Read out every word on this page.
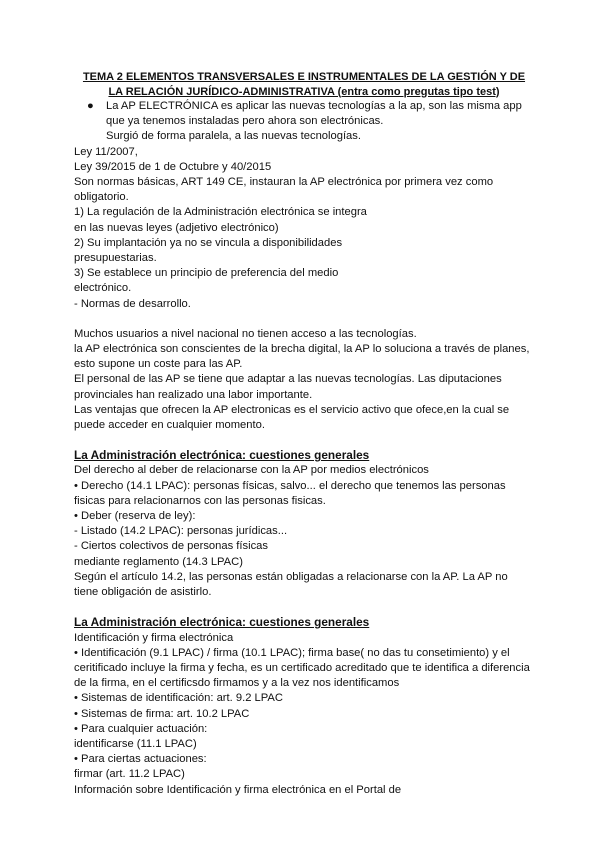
TEMA 2 ELEMENTOS TRANSVERSALES E INSTRUMENTALES DE LA GESTIÓN Y DE
LA RELACIÓN JURÍDICO-ADMINISTRATIVA (entra como pregutas tipo test)
● La AP ELECTRÓNICA es aplicar las nuevas tecnologías a la ap, son las misma app
que ya tenemos instaladas pero ahora son electrónicas.
Surgió de forma paralela, a las nuevas tecnologías.
Ley 11/2007,
Ley 39/2015 de 1 de Octubre y 40/2015
Son normas básicas, ART 149 CE, instauran la AP electrónica por primera vez como
obligatorio.
1) La regulación de la Administración electrónica se integra
en las nuevas leyes (adjetivo electrónico)
2) Su implantación ya no se vincula a disponibilidades
presupuestarias.
3) Se establece un principio de preferencia del medio
electrónico.
- Normas de desarrollo.
Muchos usuarios a nivel nacional no tienen acceso a las tecnologías.
la AP electrónica son conscientes de la brecha digital, la AP lo soluciona a través de planes,
esto supone un coste para las AP.
El personal de las AP se tiene que adaptar a las nuevas tecnologías. Las diputaciones
provinciales han realizado una labor importante.
Las ventajas que ofrecen la AP electronicas es el servicio activo que ofece,en la cual se
puede acceder en cualquier momento.
La Administración electrónica: cuestiones generales
Del derecho al deber de relacionarse con la AP por medios electrónicos
• Derecho (14.1 LPAC): personas físicas, salvo... el derecho que tenemos las personas
fisicas para relacionarnos con las personas fisicas.
• Deber (reserva de ley):
- Listado (14.2 LPAC): personas jurídicas...
- Ciertos colectivos de personas físicas
mediante reglamento (14.3 LPAC)
Según el artículo 14.2, las personas están obligadas a relacionarse con la AP. La AP no
tiene obligación de asistirlo.
La Administración electrónica: cuestiones generales
Identificación y firma electrónica
• Identificación (9.1 LPAC) / firma (10.1 LPAC); firma base( no das tu consetimiento) y el
ceritificado incluye la firma y fecha, es un certificado acreditado que te identifica a diferencia
de la firma, en el certificsdo firmamos y a la vez nos identificamos
• Sistemas de identificación: art. 9.2 LPAC
• Sistemas de firma: art. 10.2 LPAC
• Para cualquier actuación:
identificarse (11.1 LPAC)
• Para ciertas actuaciones:
firmar (art. 11.2 LPAC)
Información sobre Identificación y firma electrónica en el Portal de
